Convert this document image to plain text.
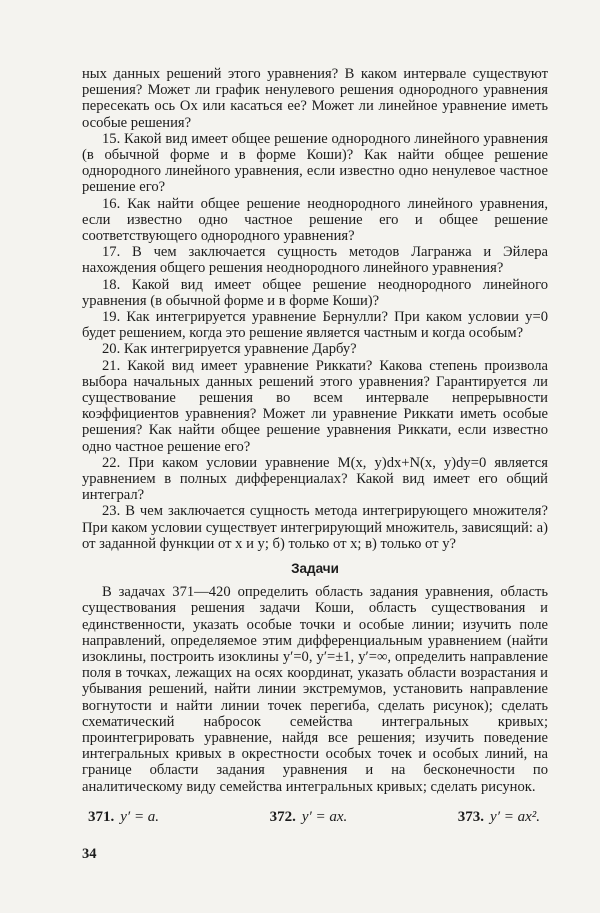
ных данных решений этого уравнения? В каком интервале существуют решения? Может ли график ненулевого решения однородного уравнения пересекать ось Ox или касаться ее? Может ли линейное уравнение иметь особые решения?

15. Какой вид имеет общее решение однородного линейного уравнения (в обычной форме и в форме Коши)? Как найти общее решение однородного линейного уравнения, если известно одно ненулевое частное решение его?

16. Как найти общее решение неоднородного линейного уравнения, если известно одно частное решение его и общее решение соответствующего однородного уравнения?

17. В чем заключается сущность методов Лагранжа и Эйлера нахождения общего решения неоднородного линейного уравнения?

18. Какой вид имеет общее решение неоднородного линейного уравнения (в обычной форме и в форме Коши)?

19. Как интегрируется уравнение Бернулли? При каком условии y=0 будет решением, когда это решение является частным и когда особым?

20. Как интегрируется уравнение Дарбу?

21. Какой вид имеет уравнение Риккати? Какова степень произвола выбора начальных данных решений этого уравнения? Гарантируется ли существование решения во всем интервале непрерывности коэффициентов уравнения? Может ли уравнение Риккати иметь особые решения? Как найти общее решение уравнения Риккати, если известно одно частное решение его?

22. При каком условии уравнение M(x, y)dx+N(x, y)dy=0 является уравнением в полных дифференциалах? Какой вид имеет его общий интеграл?

23. В чем заключается сущность метода интегрирующего множителя? При каком условии существует интегрирующий множитель, зависящий: а) от заданной функции от x и y; б) только от x; в) только от y?

Задачи

В задачах 371—420 определить область задания уравнения, область существования решения задачи Коши, область существования и единственности, указать особые точки и особые линии; изучить поле направлений, определяемое этим дифференциальным уравнением (найти изоклины, построить изоклины y′=0, y′=±1, y′=∞, определить направление поля в точках, лежащих на осях координат, указать области возрастания и убывания решений, найти линии экстремумов, установить направление вогнутости и найти линии точек перегиба, сделать рисунок); сделать схематический набросок семейства интегральных кривых; проинтегрировать уравнение, найдя все решения; изучить поведение интегральных кривых в окрестности особых точек и особых линий, на границе области задания уравнения и на бесконечности по аналитическому виду семейства интегральных кривых; сделать рисунок.

371. y′ = a.	372. y′ = ax.	373. y′ = ax².
34
